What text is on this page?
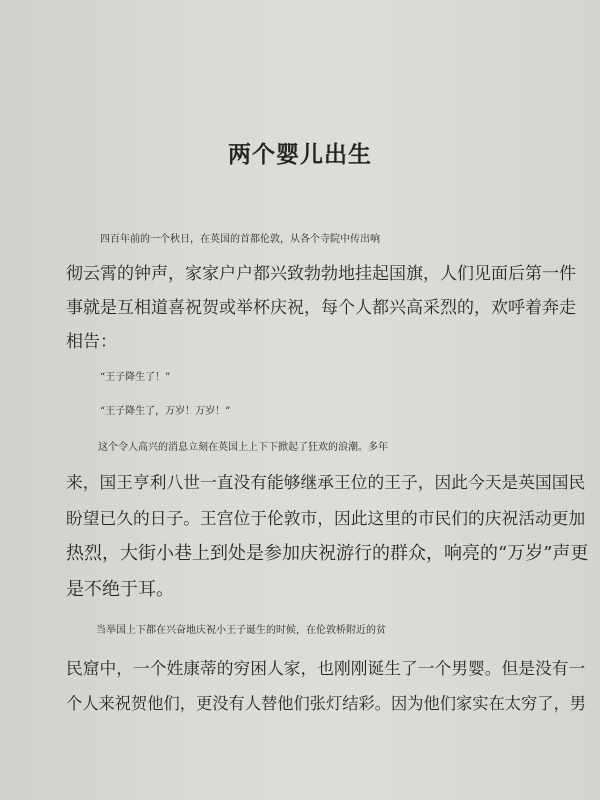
两个婴儿出生
四百年前的一个秋日，在英国的首都伦敦，从各个寺院中传出响
彻云霄的钟声，家家户户都兴致勃勃地挂起国旗，人们见面后第一件
事就是互相道喜祝贺或举杯庆祝，每个人都兴高采烈的，欢呼着奔走
相告：
“王子降生了！”
“王子降生了，万岁！万岁！”
这个令人高兴的消息立刻在英国上上下下掀起了狂欢的浪潮。多年
来，国王亨利八世一直没有能够继承王位的王子，因此今天是英国国民
盼望已久的日子。王宫位于伦敦市，因此这里的市民们的庆祝活动更加
热烈，大街小巷上到处是参加庆祝游行的群众，响亮的“万岁”声更
是不绝于耳。
当举国上下都在兴奋地庆祝小王子诞生的时候，在伦敦桥附近的贫
民窟中，一个姓康蒂的穷困人家，也刚刚诞生了一个男婴。但是没有一
个人来祝贺他们，更没有人替他们张灯结彩。因为他们家实在太穷了，男
